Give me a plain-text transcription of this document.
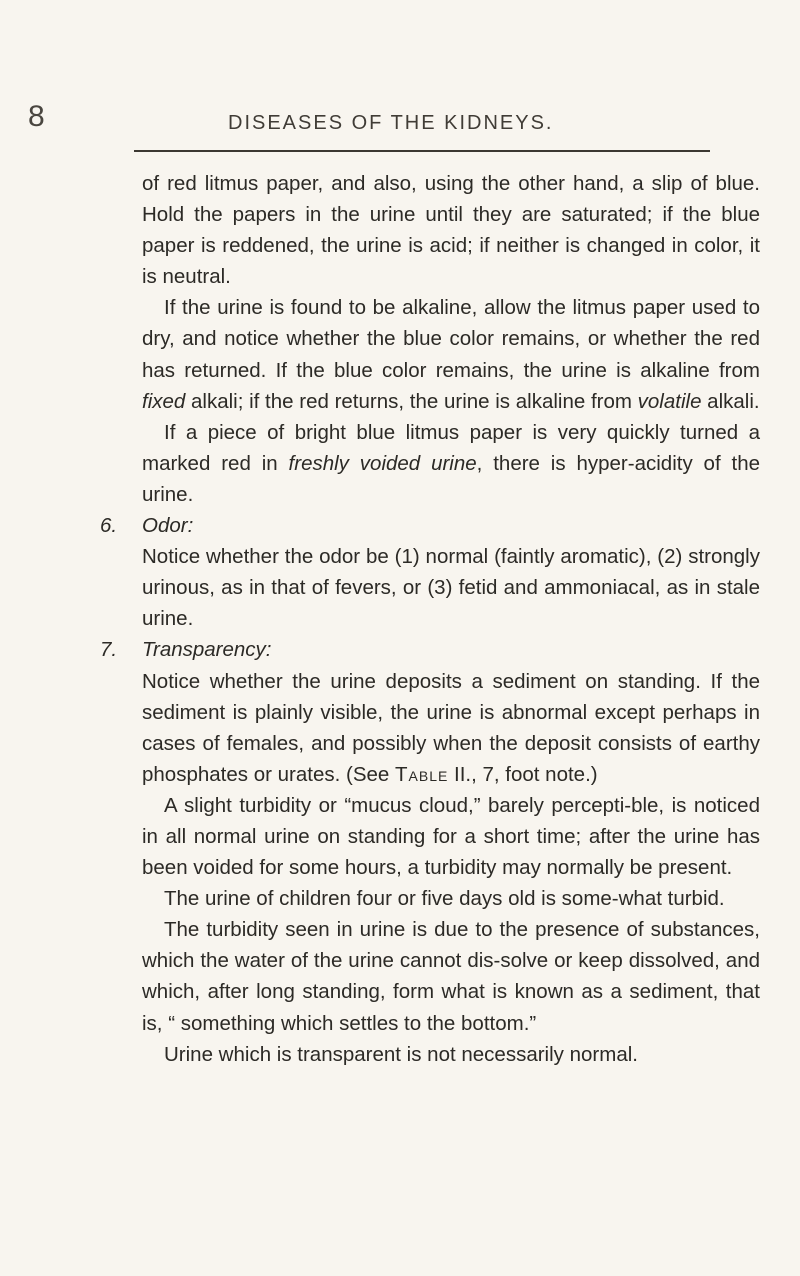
8	DISEASES OF THE KIDNEYS.

of red litmus paper, and also, using the other hand, a slip of blue. Hold the papers in the urine until they are saturated; if the blue paper is reddened, the urine is acid; if neither is changed in color, it is neutral.

If the urine is found to be alkaline, allow the litmus paper used to dry, and notice whether the blue color remains, or whether the red has returned. If the blue color remains, the urine is alkaline from fixed alkali; if the red returns, the urine is alkaline from volatile alkali.

If a piece of bright blue litmus paper is very quickly turned a marked red in freshly voided urine, there is hyper-acidity of the urine.

6. Odor:

Notice whether the odor be (1) normal (faintly aromatic), (2) strongly urinous, as in that of fevers, or (3) fetid and ammoniacal, as in stale urine.

7. Transparency:

Notice whether the urine deposits a sediment on standing. If the sediment is plainly visible, the urine is abnormal except perhaps in cases of females, and possibly when the deposit consists of earthy phosphates or urates. (See Table II., 7, foot note.)

A slight turbidity or “mucus cloud,” barely percepti-ble, is noticed in all normal urine on standing for a short time; after the urine has been voided for some hours, a turbidity may normally be present.

The urine of children four or five days old is some-what turbid.

The turbidity seen in urine is due to the presence of substances, which the water of the urine cannot dis-solve or keep dissolved, and which, after long standing, form what is known as a sediment, that is, “ something which settles to the bottom.”

Urine which is transparent is not necessarily normal.
